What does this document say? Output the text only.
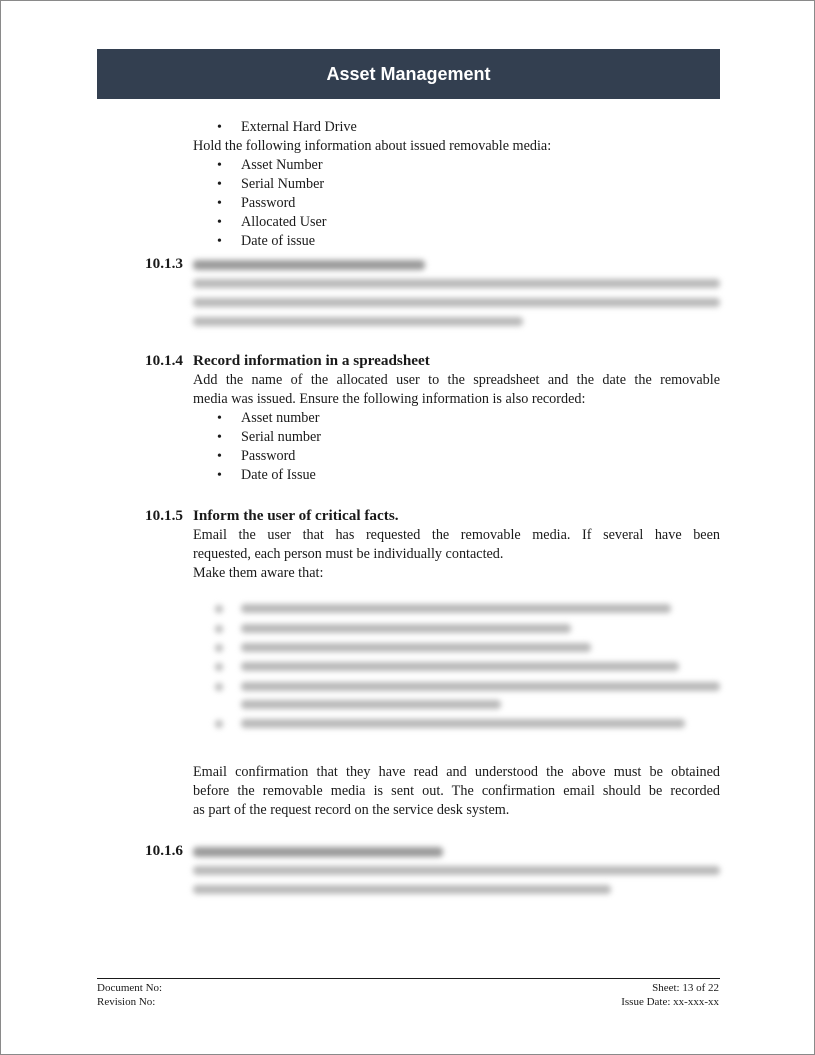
Asset Management
• External Hard Drive
Hold the following information about issued removable media:
• Asset Number
• Serial Number
• Password
• Allocated User
• Date of issue
10.1.3
10.1.4 Record information in a spreadsheet
Add the name of the allocated user to the spreadsheet and the date the removable
media was issued. Ensure the following information is also recorded:
• Asset number
• Serial number
• Password
• Date of Issue
10.1.5 Inform the user of critical facts.
Email the user that has requested the removable media. If several have been
requested, each person must be individually contacted.
Make them aware that:
Email confirmation that they have read and understood the above must be obtained
before the removable media is sent out. The confirmation email should be recorded
as part of the request record on the service desk system.
10.1.6
Document No:
Revision No:
Sheet: 13 of 22
Issue Date: xx-xxx-xx
